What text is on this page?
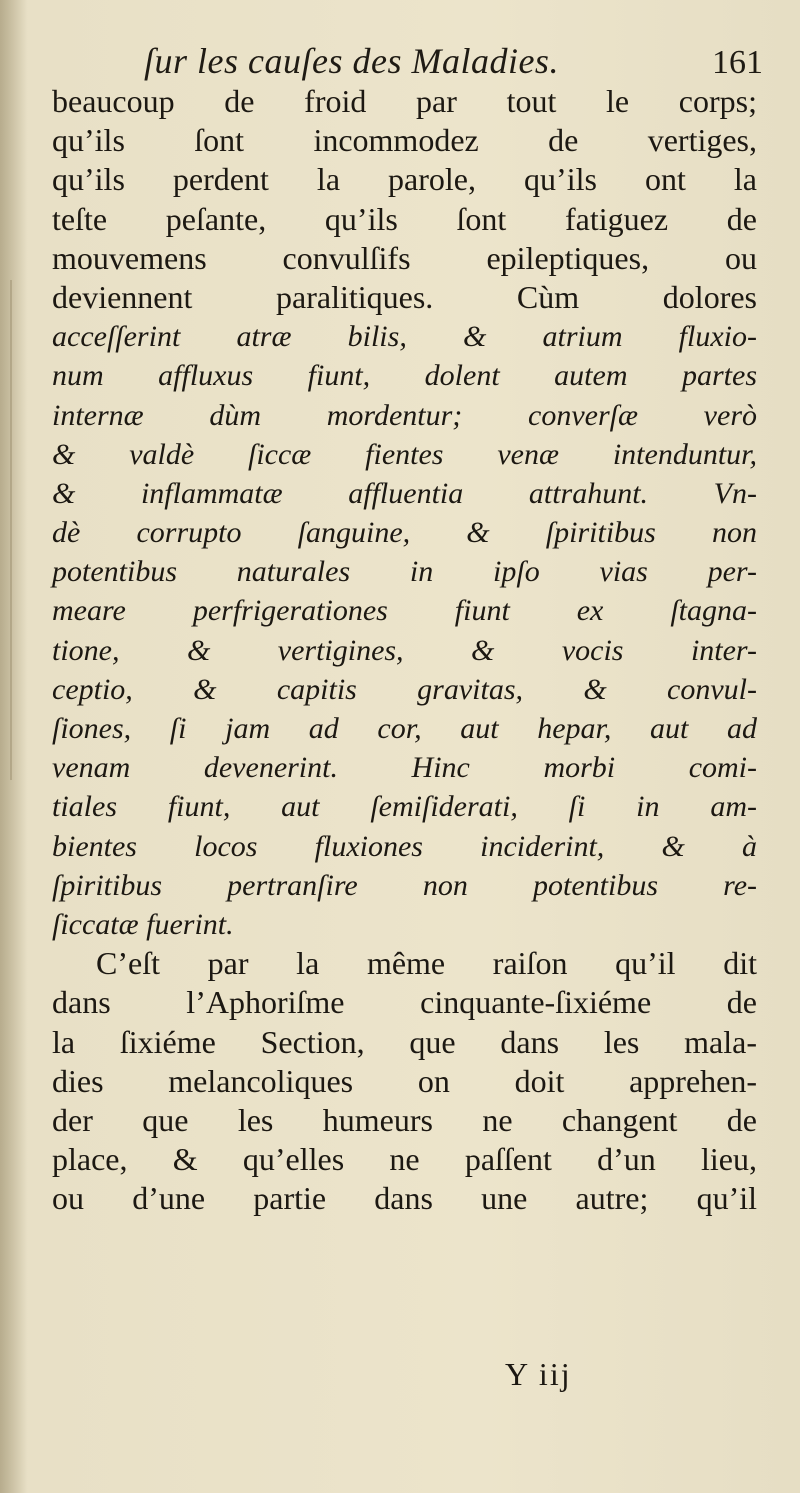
ſur les cauſes des Maladies.	161
beaucoup de froid par tout le corps;
qu’ils ſont incommodez de vertiges,
qu’ils perdent la parole, qu’ils ont la
teſte peſante, qu’ils ſont fatiguez de
mouvemens convulſifs epileptiques, ou
deviennent paralitiques. Cùm dolores
acceſſerint atræ bilis, & atrium fluxio-
num affluxus fiunt, dolent autem partes
internæ dùm mordentur; converſæ verò
& valdè ſiccæ fientes venæ intenduntur,
& inflammatæ affluentia attrahunt. Vn-
dè corrupto ſanguine, & ſpiritibus non
potentibus naturales in ipſo vias per-
meare perfrigerationes fiunt ex ſtagna-
tione, & vertigines, & vocis inter-
ceptio, & capitis gravitas, & convul-
ſiones, ſi jam ad cor, aut hepar, aut ad
venam devenerint. Hinc morbi comi-
tiales fiunt, aut ſemiſiderati, ſi in am-
bientes locos fluxiones inciderint, & à
ſpiritibus pertranſire non potentibus re-
ſiccatæ fuerint.
C’eſt par la même raiſon qu’il dit
dans l’Aphoriſme cinquante-ſixiéme de
la ſixiéme Section, que dans les mala-
dies melancoliques on doit apprehen-
der que les humeurs ne changent de
place, & qu’elles ne paſſent d’un lieu,
ou d’une partie dans une autre; qu’il
Y iij
